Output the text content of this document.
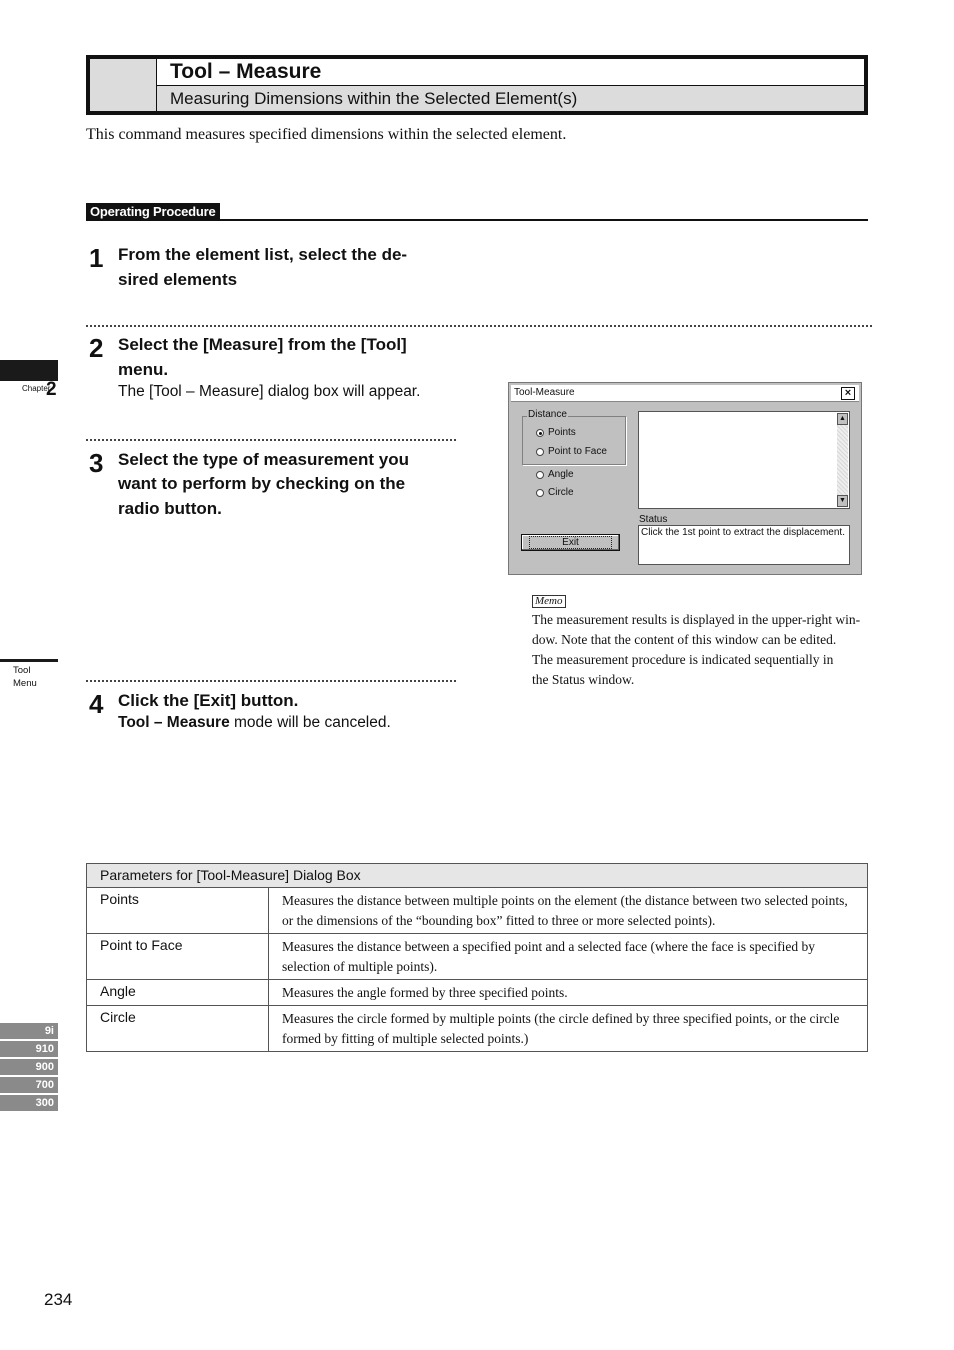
Tool – Measure
Measuring Dimensions within the Selected Element(s)
This command measures specified dimensions within the selected element.
Operating Procedure
1 From the element list, select the de-
sired elements
2 Select the [Measure] from the [Tool]
menu.
The [Tool – Measure] dialog box will appear.
3 Select the type of measurement you
want to perform by checking on the
radio button.
4 Click the [Exit] button.
Tool – Measure mode will be canceled.
Chapter
2
Tool
Menu
9i
910
900
700
300
Tool-Measure	×
Distance
Points
Point to Face
Angle
Circle
▲
▼
Status
Click the 1st point to extract the displacement.
Exit
Memo
The measurement results is displayed in the upper-right win-
dow. Note that the content of this window can be edited.
The measurement procedure is indicated sequentially in
the Status window.
Parameters for [Tool-Measure] Dialog Box	
Points	Measures the distance between multiple points on the element (the distance between two selected points, or the dimensions of the “bounding box” fitted to three or more selected points).
Point to Face	Measures the distance between a specified point and a selected face (where the face is specified by selection of multiple points).
Angle	Measures the angle formed by three specified points.
Circle	Measures the circle formed by multiple points (the circle defined by three specified points, or the circle formed by fitting of multiple selected points.)
234
